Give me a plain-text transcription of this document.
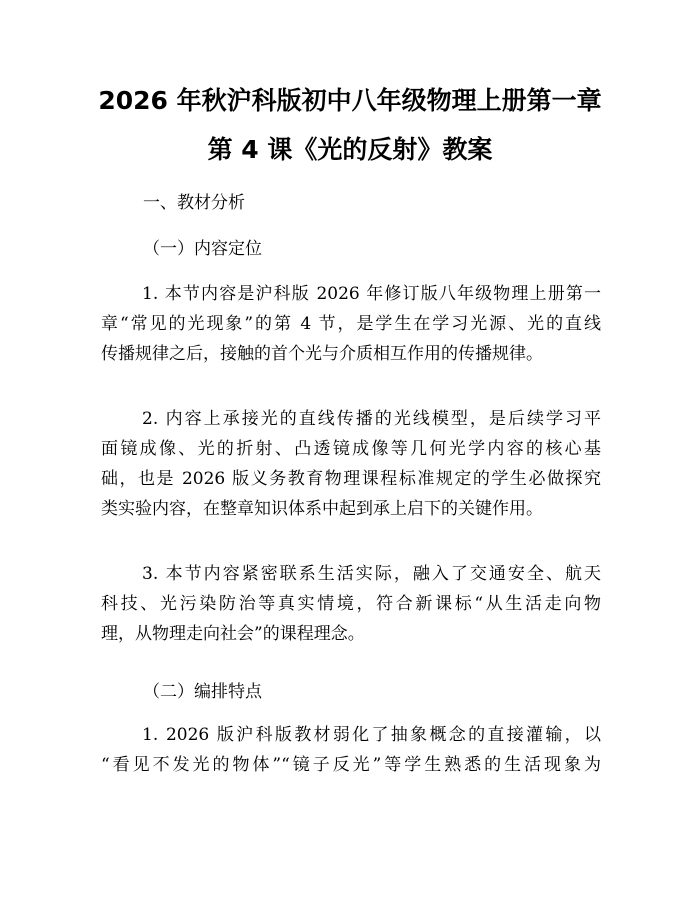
2026 年秋沪科版初中八年级物理上册第一章
第 4 课《光的反射》教案
一、教材分析
（一）内容定位
1. 本节内容是沪科版 2026 年修订版八年级物理上册第一
章“常见的光现象”的第 4 节，是学生在学习光源、光的直线
传播规律之后，接触的首个光与介质相互作用的传播规律。
2. 内容上承接光的直线传播的光线模型，是后续学习平
面镜成像、光的折射、凸透镜成像等几何光学内容的核心基
础，也是 2026 版义务教育物理课程标准规定的学生必做探究
类实验内容，在整章知识体系中起到承上启下的关键作用。
3. 本节内容紧密联系生活实际，融入了交通安全、航天
科技、光污染防治等真实情境，符合新课标“从生活走向物
理，从物理走向社会”的课程理念。
（二）编排特点
1. 2026 版沪科版教材弱化了抽象概念的直接灌输，以
“看见不发光的物体”“镜子反光”等学生熟悉的生活现象为
